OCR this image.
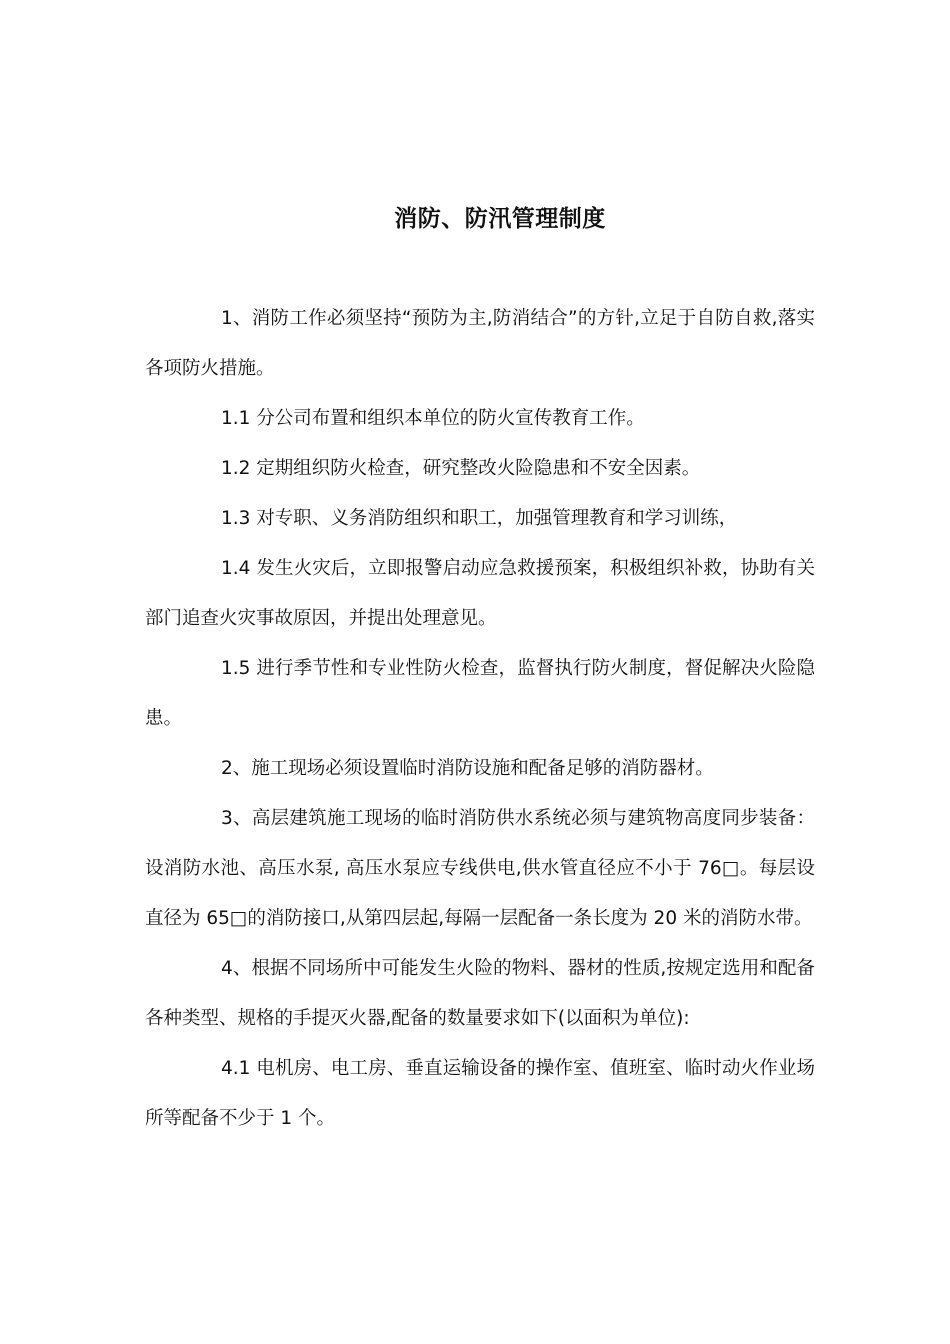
消防、防汛管理制度

1、消防工作必须坚持“预防为主,防消结合”的方针,立足于自防自救,落实各项防火措施。

1.1 分公司布置和组织本单位的防火宣传教育工作。

1.2 定期组织防火检查，研究整改火险隐患和不安全因素。

1.3 对专职、义务消防组织和职工，加强管理教育和学习训练，

1.4 发生火灾后，立即报警启动应急救援预案，积极组织补救，协助有关部门追查火灾事故原因，并提出处理意见。

1.5 进行季节性和专业性防火检查，监督执行防火制度，督促解决火险隐患。

2、施工现场必须设置临时消防设施和配备足够的消防器材。

3、高层建筑施工现场的临时消防供水系统必须与建筑物高度同步装备：设消防水池、高压水泵, 高压水泵应专线供电,供水管直径应不小于 76□。每层设直径为 65□的消防接口,从第四层起,每隔一层配备一条长度为 20 米的消防水带。

4、根据不同场所中可能发生火险的物料、器材的性质,按规定选用和配备各种类型、规格的手提灭火器,配备的数量要求如下(以面积为单位):

4.1 电机房、电工房、垂直运输设备的操作室、值班室、临时动火作业场所等配备不少于 1 个。
